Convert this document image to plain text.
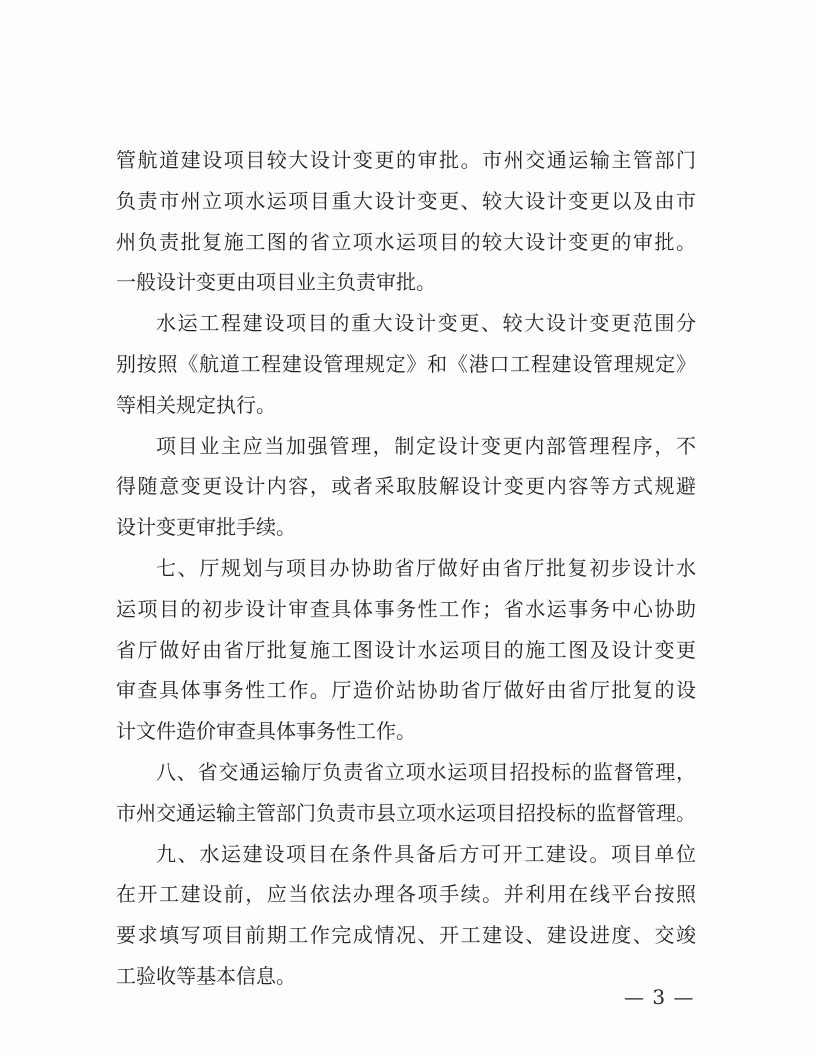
管航道建设项目较大设计变更的审批。市州交通运输主管部门
负责市州立项水运项目重大设计变更、较大设计变更以及由市
州负责批复施工图的省立项水运项目的较大设计变更的审批。
一般设计变更由项目业主负责审批。
水运工程建设项目的重大设计变更、较大设计变更范围分
别按照《航道工程建设管理规定》和《港口工程建设管理规定》
等相关规定执行。
项目业主应当加强管理，制定设计变更内部管理程序，不
得随意变更设计内容，或者采取肢解设计变更内容等方式规避
设计变更审批手续。
七、厅规划与项目办协助省厅做好由省厅批复初步设计水
运项目的初步设计审查具体事务性工作；省水运事务中心协助
省厅做好由省厅批复施工图设计水运项目的施工图及设计变更
审查具体事务性工作。厅造价站协助省厅做好由省厅批复的设
计文件造价审查具体事务性工作。
八、省交通运输厅负责省立项水运项目招投标的监督管理，
市州交通运输主管部门负责市县立项水运项目招投标的监督管理。
九、水运建设项目在条件具备后方可开工建设。项目单位
在开工建设前，应当依法办理各项手续。并利用在线平台按照
要求填写项目前期工作完成情况、开工建设、建设进度、交竣
工验收等基本信息。
— 3 —
